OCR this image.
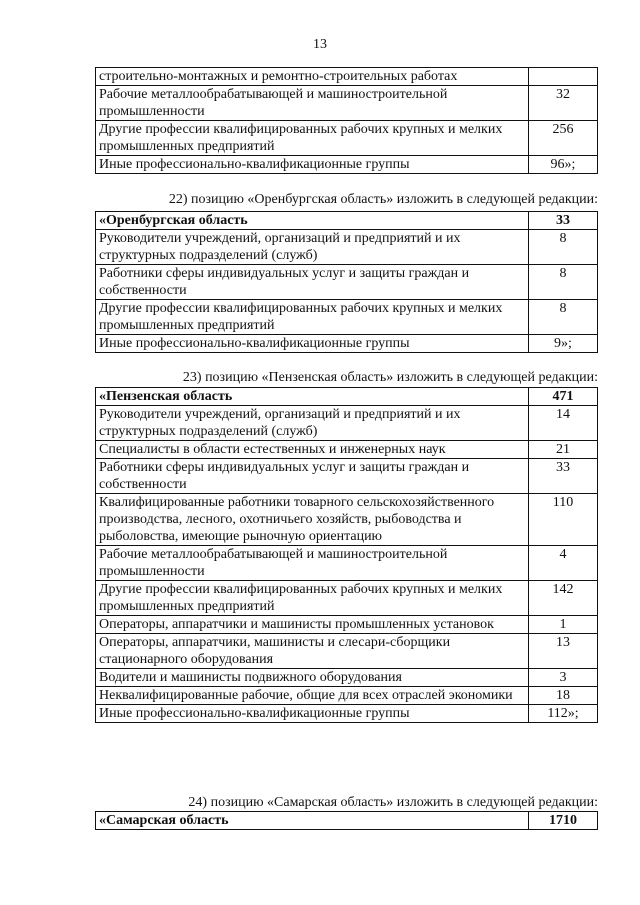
13
строительно-монтажных и ремонтно-строительных работах	
Рабочие металлообрабатывающей и машиностроительной промышленности	32
Другие профессии квалифицированных рабочих крупных и мелких промышленных предприятий	256
Иные профессионально-квалификационные группы	96»;
22) позицию «Оренбургская область» изложить в следующей редакции:
«Оренбургская область	33
Руководители учреждений, организаций и предприятий и их структурных подразделений (служб)	8
Работники сферы индивидуальных услуг и защиты граждан и собственности	8
Другие профессии квалифицированных рабочих крупных и мелких промышленных предприятий	8
Иные профессионально-квалификационные группы	9»;
23) позицию «Пензенская область» изложить в следующей редакции:
«Пензенская область	471
Руководители учреждений, организаций и предприятий и их структурных подразделений (служб)	14
Специалисты в области естественных и инженерных наук	21
Работники сферы индивидуальных услуг и защиты граждан и собственности	33
Квалифицированные работники товарного сельскохозяйственного производства, лесного, охотничьего хозяйств, рыбоводства и рыболовства, имеющие рыночную ориентацию	110
Рабочие металлообрабатывающей и машиностроительной промышленности	4
Другие профессии квалифицированных рабочих крупных и мелких промышленных предприятий	142
Операторы, аппаратчики и машинисты промышленных установок	1
Операторы, аппаратчики, машинисты и слесари-сборщики стационарного оборудования	13
Водители и машинисты подвижного оборудования	3
Неквалифицированные рабочие, общие для всех отраслей экономики	18
Иные профессионально-квалификационные группы	112»;
24) позицию «Самарская область» изложить в следующей редакции:
«Самарская область	1710
